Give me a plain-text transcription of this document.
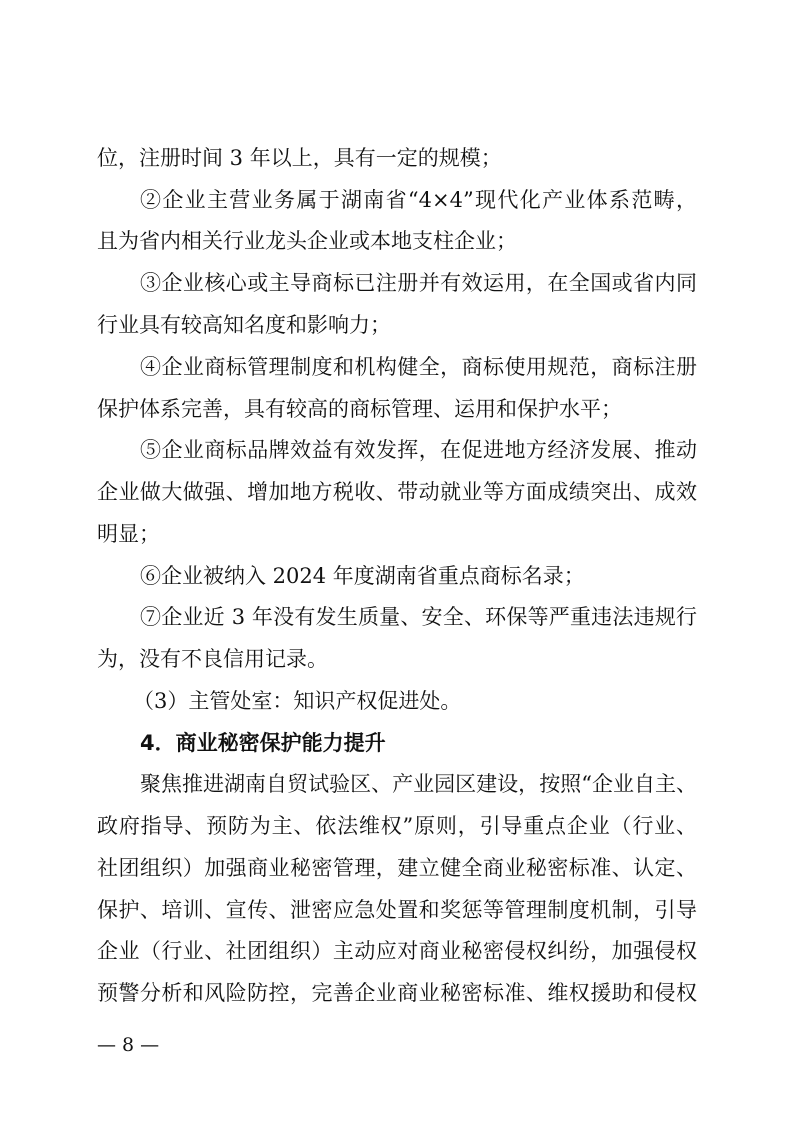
位，注册时间 3 年以上，具有一定的规模；
②企业主营业务属于湖南省“4×4”现代化产业体系范畴，
且为省内相关行业龙头企业或本地支柱企业；
③企业核心或主导商标已注册并有效运用，在全国或省内同
行业具有较高知名度和影响力；
④企业商标管理制度和机构健全，商标使用规范，商标注册
保护体系完善，具有较高的商标管理、运用和保护水平；
⑤企业商标品牌效益有效发挥，在促进地方经济发展、推动
企业做大做强、增加地方税收、带动就业等方面成绩突出、成效
明显；
⑥企业被纳入 2024 年度湖南省重点商标名录；
⑦企业近 3 年没有发生质量、安全、环保等严重违法违规行
为，没有不良信用记录。
（3）主管处室：知识产权促进处。
4．商业秘密保护能力提升
聚焦推进湖南自贸试验区、产业园区建设，按照“企业自主、
政府指导、预防为主、依法维权”原则，引导重点企业（行业、
社团组织）加强商业秘密管理，建立健全商业秘密标准、认定、
保护、培训、宣传、泄密应急处置和奖惩等管理制度机制，引导
企业（行业、社团组织）主动应对商业秘密侵权纠纷，加强侵权
预警分析和风险防控，完善企业商业秘密标准、维权援助和侵权
— 8 —
